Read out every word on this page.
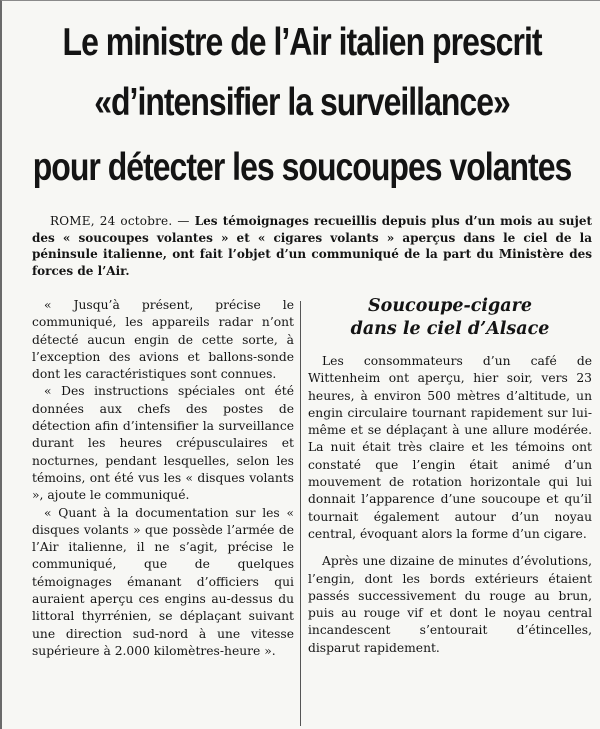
Le ministre de l’Air italien prescrit
«d’intensifier la surveillance»
pour détecter les soucoupes volantes
ROME, 24 octobre. — Les témoignages recueillis depuis plus d’un mois au sujet des « soucoupes volantes » et « cigares volants » aperçus dans le ciel de la péninsule italienne, ont fait l’objet d’un communiqué de la part du Ministère des forces de l’Air.

« Jusqu’à présent, précise le communiqué, les appareils radar n’ont détecté aucun engin de cette sorte, à l’exception des avions et ballons-sonde dont les caractéristiques sont connues.

« Des instructions spéciales ont été données aux chefs des postes de détection afin d’intensifier la surveillance durant les heures crépusculaires et nocturnes, pendant lesquelles, selon les témoins, ont été vus les « disques volants », ajoute le communiqué.

« Quant à la documentation sur les « disques volants » que possède l’armée de l’Air italienne, il ne s’agit, précise le communiqué, que de quelques témoignages émanant d’officiers qui auraient aperçu ces engins au-dessus du littoral thyrrénien, se déplaçant suivant une direction sud-nord à une vitesse supérieure à 2.000 kilomètres-heure ».

Soucoupe-cigare
dans le ciel d’Alsace

Les consommateurs d’un café de Wittenheim ont aperçu, hier soir, vers 23 heures, à environ 500 mètres d’altitude, un engin circulaire tournant rapidement sur lui-même et se déplaçant à une allure modérée. La nuit était très claire et les témoins ont constaté que l’engin était animé d’un mouvement de rotation horizontale qui lui donnait l’apparence d’une soucoupe et qu’il tournait également autour d’un noyau central, évoquant alors la forme d’un cigare.

Après une dizaine de minutes d’évolutions, l’engin, dont les bords extérieurs étaient passés successivement du rouge au brun, puis au rouge vif et dont le noyau central incandescent s’entourait d’étincelles, disparut rapidement.
